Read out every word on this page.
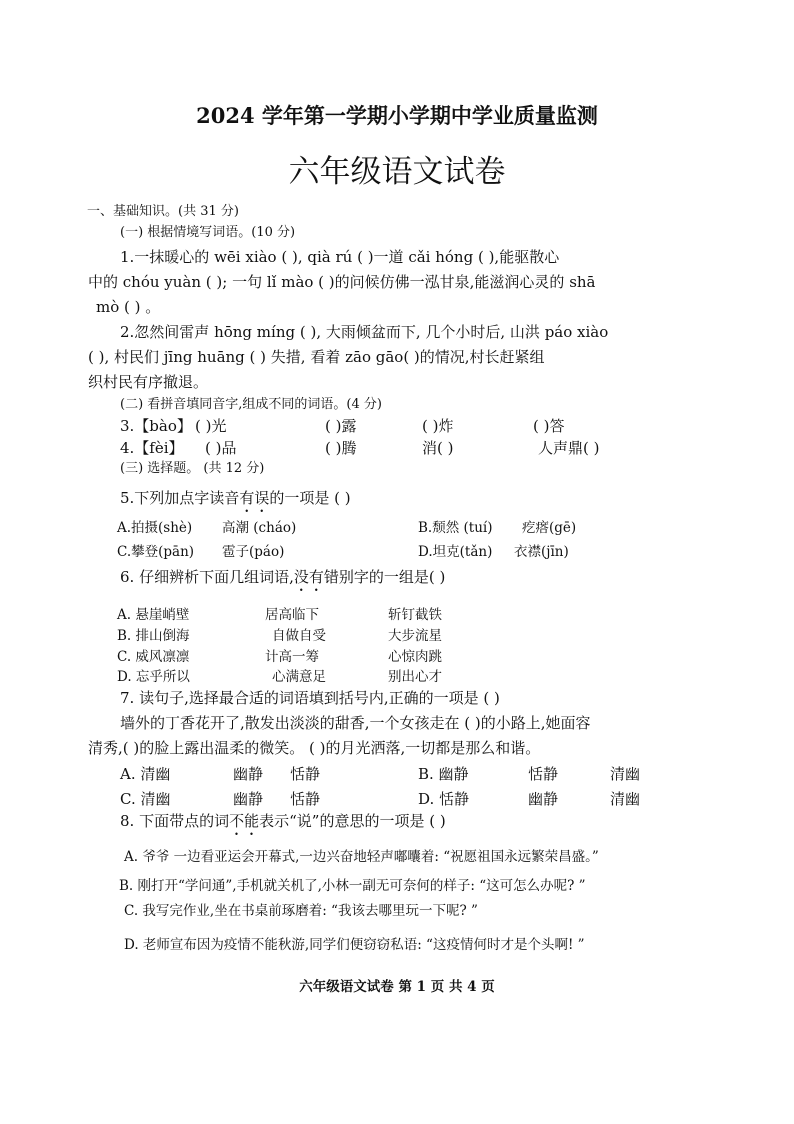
2024 学年第一学期小学期中学业质量监测
六年级语文试卷
一、基础知识。(共 31 分)
(一) 根据情境写词语。(10 分)
1.一抹暖心的 wēi xiào ( ), qià rú ( )一道 cǎi hóng ( ),能驱散心
中的 chóu yuàn ( ); 一句 lǐ mào ( )的问候仿佛一泓甘泉,能滋润心灵的 shā
mò ( ) 。
2.忽然间雷声 hōng míng ( ), 大雨倾盆而下, 几个小时后, 山洪 páo xiào
( ), 村民们 jīng huāng ( ) 失措, 看着 zāo gāo( )的情况,村长赶紧组
织村民有序撤退。
(二) 看拼音填同音字,组成不同的词语。(4 分)
3.【bào】 ( )光	( )露	( )炸	( )答
4.【fèi】 ( )品	( )腾	消( )	人声鼎( )
(三) 选择题。 (共 12 分)
5.下列加点字读音有误的一项是 ( )
A.拍摄(shè) 高潮 (cháo)	B.颓然 (tuí) 疙瘩(gē)
C.攀登(pān) 雹子(páo)	D.坦克(tǎn) 衣襟(jīn)
6. 仔细辨析下面几组词语,没有错别字的一组是( )
A. 悬崖峭壁	居高临下	斩钉截铁
B. 排山倒海	自做自受	大步流星
C. 威风凛凛	计高一筹	心惊肉跳
D. 忘乎所以	心满意足	别出心才
7. 读句子,选择最合适的词语填到括号内,正确的一项是 ( )
墙外的丁香花开了,散发出淡淡的甜香,一个女孩走在 ( )的小路上,她面容
清秀,( )的脸上露出温柔的微笑。 ( )的月光洒落,一切都是那么和谐。
A. 清幽	幽静 恬静	B. 幽静	恬静	清幽
C. 清幽	幽静 恬静	D. 恬静	幽静	清幽
8. 下面带点的词不能表示“说”的意思的一项是 ( )
A. 爷爷 一边看亚运会开幕式,一边兴奋地轻声嘟囔着: “祝愿祖国永远繁荣昌盛。”
B. 刚打开“学问通”,手机就关机了,小林一副无可奈何的样子: “这可怎么办呢? ”
C. 我写完作业,坐在书桌前琢磨着: “我该去哪里玩一下呢? ”
D. 老师宣布因为疫情不能秋游,同学们便窃窃私语: “这疫情何时才是个头啊! ”
六年级语文试卷 第 1 页 共 4 页
